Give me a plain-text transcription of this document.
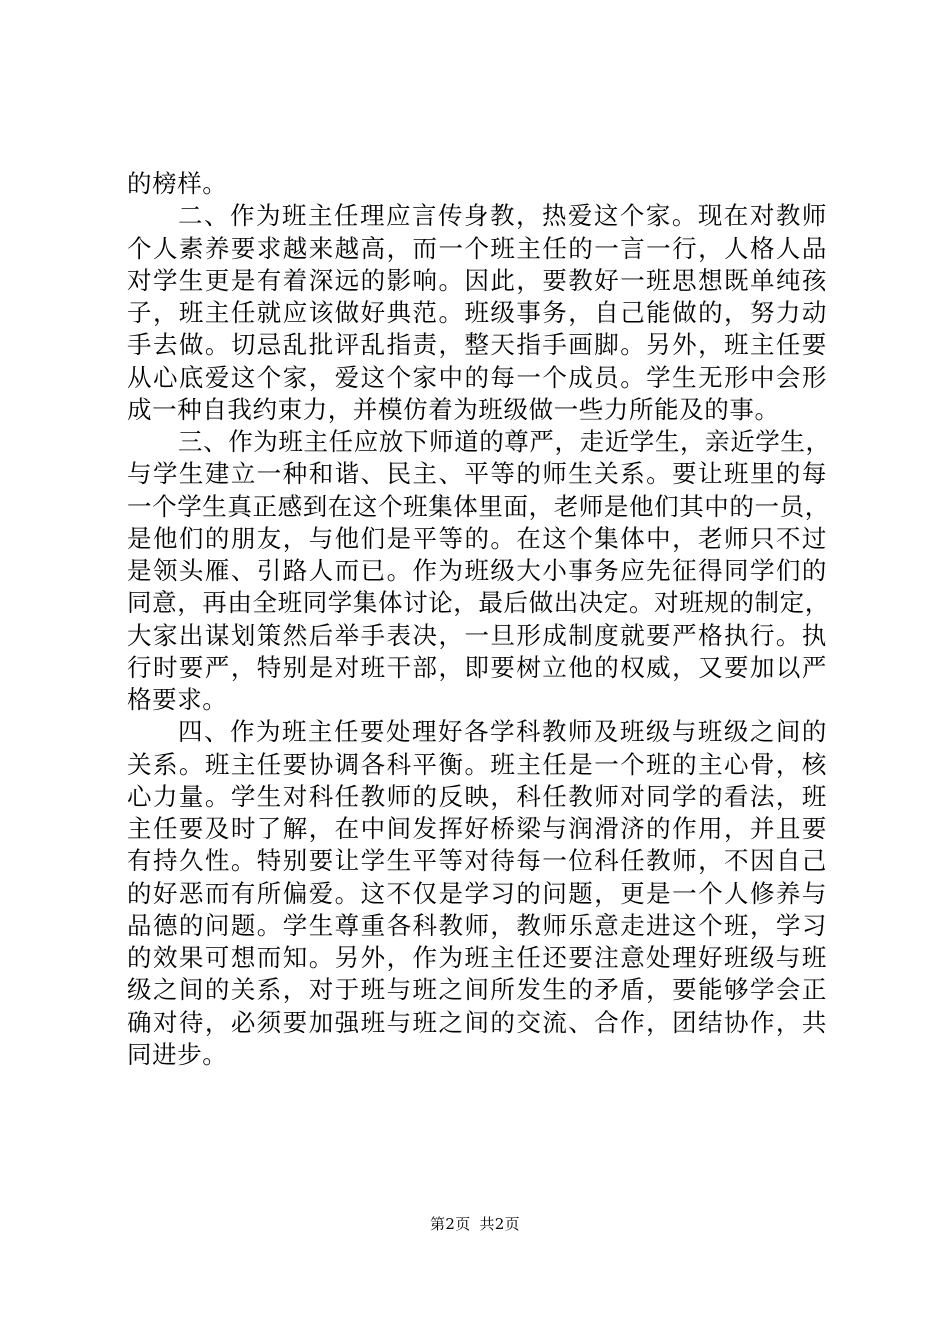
的榜样。
二、作为班主任理应言传身教，热爱这个家。现在对教师
个人素养要求越来越高，而一个班主任的一言一行，人格人品
对学生更是有着深远的影响。因此，要教好一班思想既单纯孩
子，班主任就应该做好典范。班级事务，自己能做的，努力动
手去做。切忌乱批评乱指责，整天指手画脚。另外，班主任要
从心底爱这个家，爱这个家中的每一个成员。学生无形中会形
成一种自我约束力，并模仿着为班级做一些力所能及的事。
三、作为班主任应放下师道的尊严，走近学生，亲近学生，
与学生建立一种和谐、民主、平等的师生关系。要让班里的每
一个学生真正感到在这个班集体里面，老师是他们其中的一员，
是他们的朋友，与他们是平等的。在这个集体中，老师只不过
是领头雁、引路人而已。作为班级大小事务应先征得同学们的
同意，再由全班同学集体讨论，最后做出决定。对班规的制定，
大家出谋划策然后举手表决，一旦形成制度就要严格执行。执
行时要严，特别是对班干部，即要树立他的权威，又要加以严
格要求。
四、作为班主任要处理好各学科教师及班级与班级之间的
关系。班主任要协调各科平衡。班主任是一个班的主心骨，核
心力量。学生对科任教师的反映，科任教师对同学的看法，班
主任要及时了解，在中间发挥好桥梁与润滑济的作用，并且要
有持久性。特别要让学生平等对待每一位科任教师，不因自己
的好恶而有所偏爱。这不仅是学习的问题，更是一个人修养与
品德的问题。学生尊重各科教师，教师乐意走进这个班，学习
的效果可想而知。另外，作为班主任还要注意处理好班级与班
级之间的关系，对于班与班之间所发生的矛盾，要能够学会正
确对待，必须要加强班与班之间的交流、合作，团结协作，共
同进步。
第2页 共2页
